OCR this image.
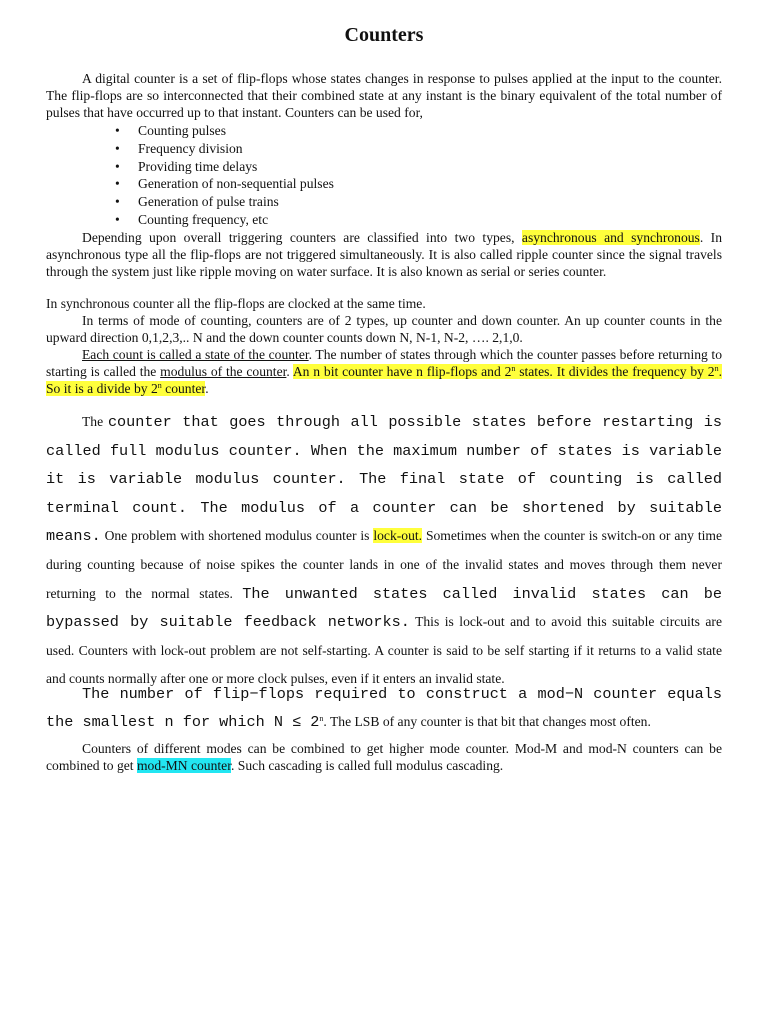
Counters

A digital counter is a set of flip-flops whose states changes in response to pulses applied at the input to the counter. The flip-flops are so interconnected that their combined state at any instant is the binary equivalent of the total number of pulses that have occurred up to that instant. Counters can be used for,

• Counting pulses
• Frequency division
• Providing time delays
• Generation of non-sequential pulses
• Generation of pulse trains
• Counting frequency, etc

Depending upon overall triggering counters are classified into two types, asynchronous and synchronous. In asynchronous type all the flip-flops are not triggered simultaneously. It is also called ripple counter since the signal travels through the system just like ripple moving on water surface. It is also known as serial or series counter.

In synchronous counter all the flip-flops are clocked at the same time.

In terms of mode of counting, counters are of 2 types, up counter and down counter. An up counter counts in the upward direction 0,1,2,3,.. N and the down counter counts down N, N-1, N-2, …. 2,1,0.

Each count is called a state of the counter. The number of states through which the counter passes before returning to starting is called the modulus of the counter. An n bit counter have n flip-flops and 2$^n$ states. It divides the frequency by 2$^n$. So it is a divide by 2$^n$ counter.

The counter that goes through all possible states before restarting is called full modulus counter. When the maximum number of states is variable it is variable modulus counter. The final state of counting is called terminal count. The modulus of a counter can be shortened by suitable means. One problem with shortened modulus counter is lock-out. Sometimes when the counter is switch-on or any time during counting because of noise spikes the counter lands in one of the invalid states and moves through them never returning to the normal states. The unwanted states called invalid states can be bypassed by suitable feedback networks. This is lock-out and to avoid this suitable circuits are used. Counters with lock-out problem are not self-starting. A counter is said to be self starting if it returns to a valid state and counts normally after one or more clock pulses, even if it enters an invalid state.

The number of flip−flops required to construct a mod−N counter equals the smallest n for which $N \le 2^n$. The LSB of any counter is that bit that changes most often.

Counters of different modes can be combined to get higher mode counter. Mod-M and mod-N counters can be combined to get mod-MN counter. Such cascading is called full modulus cascading.
